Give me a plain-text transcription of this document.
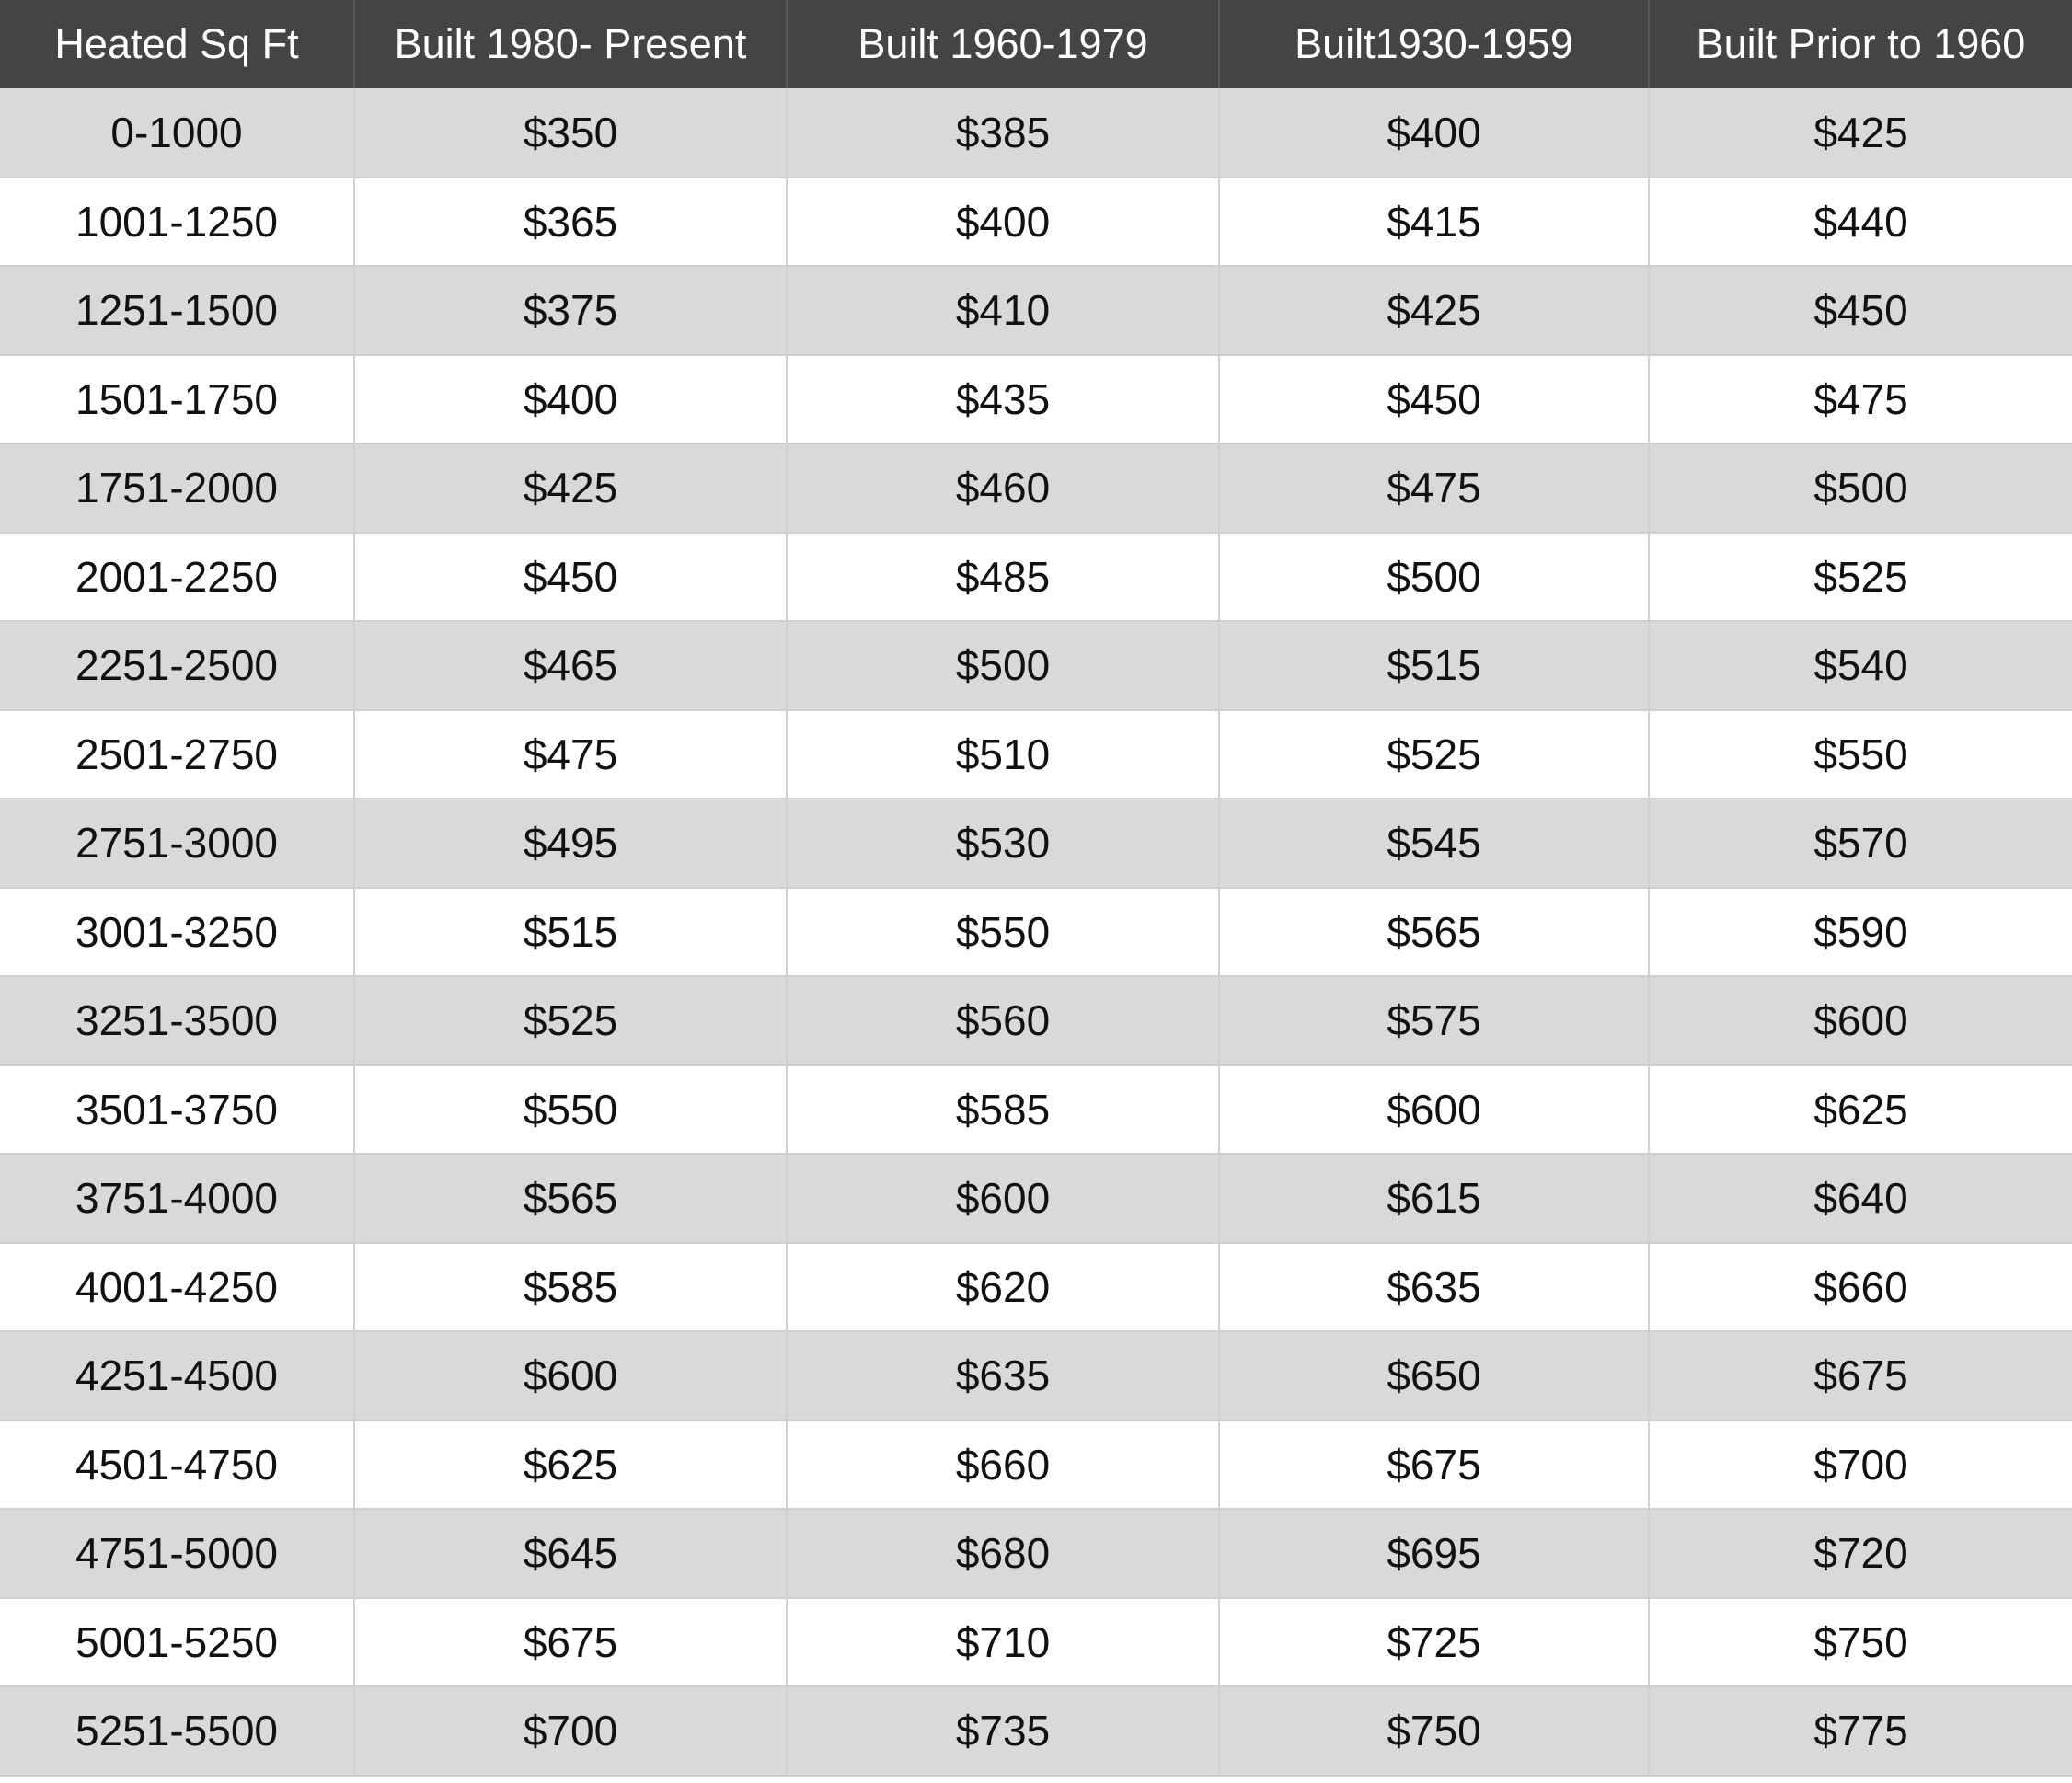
Heated Sq Ft	Built 1980- Present	Built 1960-1979	Built1930-1959	Built Prior to 1960
0-1000	$350	$385	$400	$425
1001-1250	$365	$400	$415	$440
1251-1500	$375	$410	$425	$450
1501-1750	$400	$435	$450	$475
1751-2000	$425	$460	$475	$500
2001-2250	$450	$485	$500	$525
2251-2500	$465	$500	$515	$540
2501-2750	$475	$510	$525	$550
2751-3000	$495	$530	$545	$570
3001-3250	$515	$550	$565	$590
3251-3500	$525	$560	$575	$600
3501-3750	$550	$585	$600	$625
3751-4000	$565	$600	$615	$640
4001-4250	$585	$620	$635	$660
4251-4500	$600	$635	$650	$675
4501-4750	$625	$660	$675	$700
4751-5000	$645	$680	$695	$720
5001-5250	$675	$710	$725	$750
5251-5500	$700	$735	$750	$775
